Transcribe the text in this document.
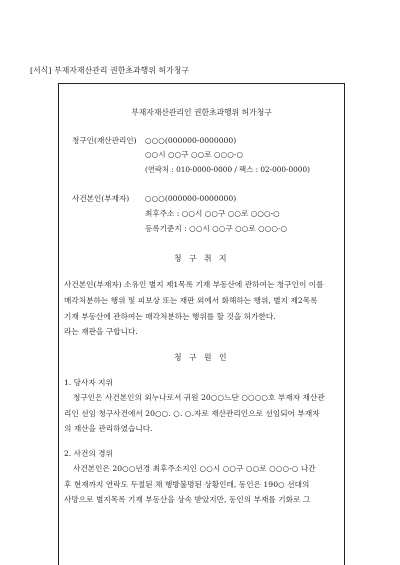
[서식] 부재자재산관리 권한초과행위 허가청구
부재자재산관리인 권한초과행위 허가청구
청구인(재산관리인) ○○○(000000-0000000)
○○시 ○○구 ○○로 ○○○-○
(연락처 : 010-0000-0000 / 팩스 : 02-000-0000)
사건본인(부재자) ○○○(000000-0000000)
최후주소 : ○○시 ○○구 ○○로 ○○○-○
등록기준지 : ○○시 ○○구 ○○로 ○○○-○
청 구 취 지
사건본인(부재자) 소유인 별지 제1목록 기재 부동산에 관하여는 청구인이 이를
매각처분하는 행위 및 피보상 또는 재판 외에서 화해하는 행위, 별지 제2목록
기재 부동산에 관하여는 매각처분하는 행위를 할 것을 허가한다.
라는 재판을 구합니다.
청 구 원 인
1. 당사자 지위
청구인은 사건본인의 외누나로서 귀원 20○○느단 ○○○○호 부재자 재산관
리인 선임 청구사건에서 20○○. ○. ○.자로 재산관리인으로 선임되어 부재자
의 재산을 관리하였습니다.
2. 사건의 경위
사건본인은 20○○년경 최후주소지인 ○○시 ○○구 ○○로 ○○○-○ 나간
후 현재까지 연락도 두절된 채 행방불명된 상황인데, 동인은 190○ 선대의
사망으로 별지목록 기재 부동산을 상속 받았지만, 동인의 부재를 기화로 그
